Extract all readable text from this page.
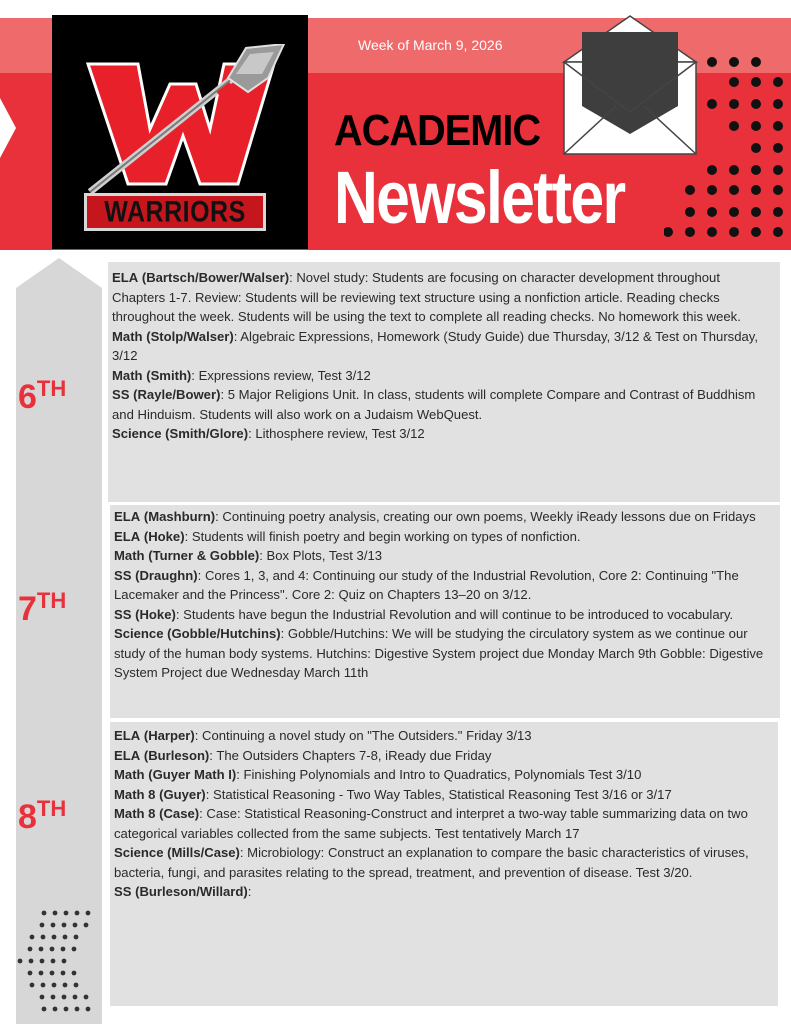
WARRIORS
Week of March 9, 2026
ACADEMIC
Newsletter
6TH
7TH
8TH

ELA (Bartsch/Bower/Walser): Novel study: Students are focusing on character development throughout Chapters 1-7. Review: Students will be reviewing text structure using a nonfiction article. Reading checks throughout the week. Students will be using the text to complete all reading checks. No homework this week.

Math (Stolp/Walser): Algebraic Expressions, Homework (Study Guide) due Thursday, 3/12 & Test on Thursday, 3/12

Math (Smith): Expressions review, Test 3/12

SS (Rayle/Bower): 5 Major Religions Unit. In class, students will complete Compare and Contrast of Buddhism and Hinduism. Students will also work on a Judaism WebQuest.

Science (Smith/Glore): Lithosphere review, Test 3/12

ELA (Mashburn): Continuing poetry analysis, creating our own poems, Weekly iReady lessons due on Fridays

ELA (Hoke): Students will finish poetry and begin working on types of nonfiction.

Math (Turner & Gobble): Box Plots, Test 3/13

SS (Draughn): Cores 1, 3, and 4: Continuing our study of the Industrial Revolution, Core 2: Continuing "The Lacemaker and the Princess". Core 2: Quiz on Chapters 13–20 on 3/12.

SS (Hoke): Students have begun the Industrial Revolution and will continue to be introduced to vocabulary.

Science (Gobble/Hutchins): Gobble/Hutchins: We will be studying the circulatory system as we continue our study of the human body systems. Hutchins: Digestive System project due Monday March 9th Gobble: Digestive System Project due Wednesday March 11th

ELA (Harper): Continuing a novel study on "The Outsiders." Friday 3/13

ELA (Burleson): The Outsiders Chapters 7-8, iReady due Friday

Math (Guyer Math I): Finishing Polynomials and Intro to Quadratics, Polynomials Test 3/10

Math 8 (Guyer): Statistical Reasoning - Two Way Tables, Statistical Reasoning Test 3/16 or 3/17

Math 8 (Case): Case: Statistical Reasoning-Construct and interpret a two-way table summarizing data on two categorical variables collected from the same subjects. Test tentatively March 17

Science (Mills/Case): Microbiology: Construct an explanation to compare the basic characteristics of viruses, bacteria, fungi, and parasites relating to the spread, treatment, and prevention of disease. Test 3/20.

SS (Burleson/Willard):
